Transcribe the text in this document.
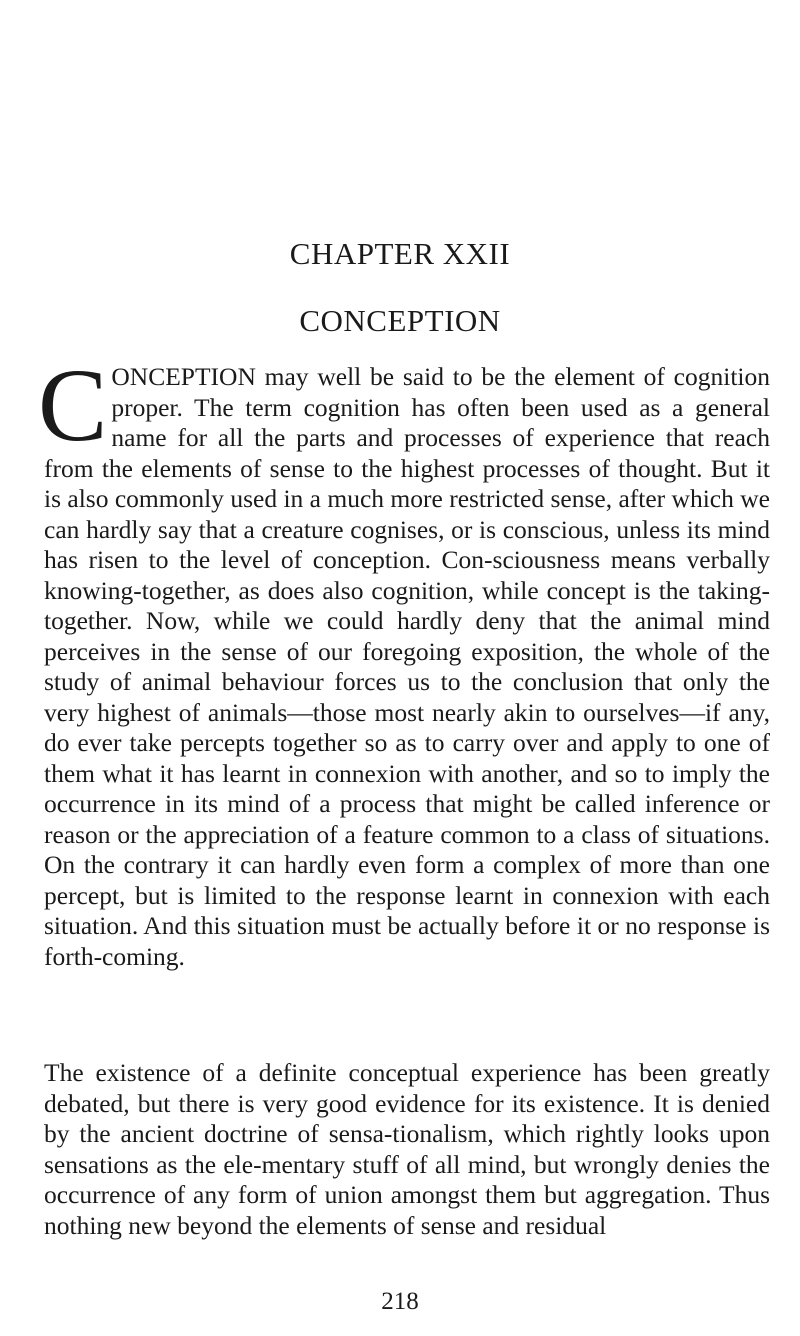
CHAPTER XXII
CONCEPTION

CONCEPTION may well be said to be the element of cognition proper. The term cognition has often been used as a general name for all the parts and processes of experience that reach from the elements of sense to the highest processes of thought. But it is also commonly used in a much more restricted sense, after which we can hardly say that a creature cognises, or is conscious, unless its mind has risen to the level of conception. Con-sciousness means verbally knowing-together, as does also cognition, while concept is the taking-together. Now, while we could hardly deny that the animal mind perceives in the sense of our foregoing exposition, the whole of the study of animal behaviour forces us to the conclusion that only the very highest of animals—those most nearly akin to ourselves—if any, do ever take percepts together so as to carry over and apply to one of them what it has learnt in connexion with another, and so to imply the occurrence in its mind of a process that might be called inference or reason or the appreciation of a feature common to a class of situations. On the contrary it can hardly even form a complex of more than one percept, but is limited to the response learnt in connexion with each situation. And this situation must be actually before it or no response is forth-coming.

The existence of a definite conceptual experience has been greatly debated, but there is very good evidence for its existence. It is denied by the ancient doctrine of sensa-tionalism, which rightly looks upon sensations as the ele-mentary stuff of all mind, but wrongly denies the occurrence of any form of union amongst them but aggregation. Thus nothing new beyond the elements of sense and residual

218
